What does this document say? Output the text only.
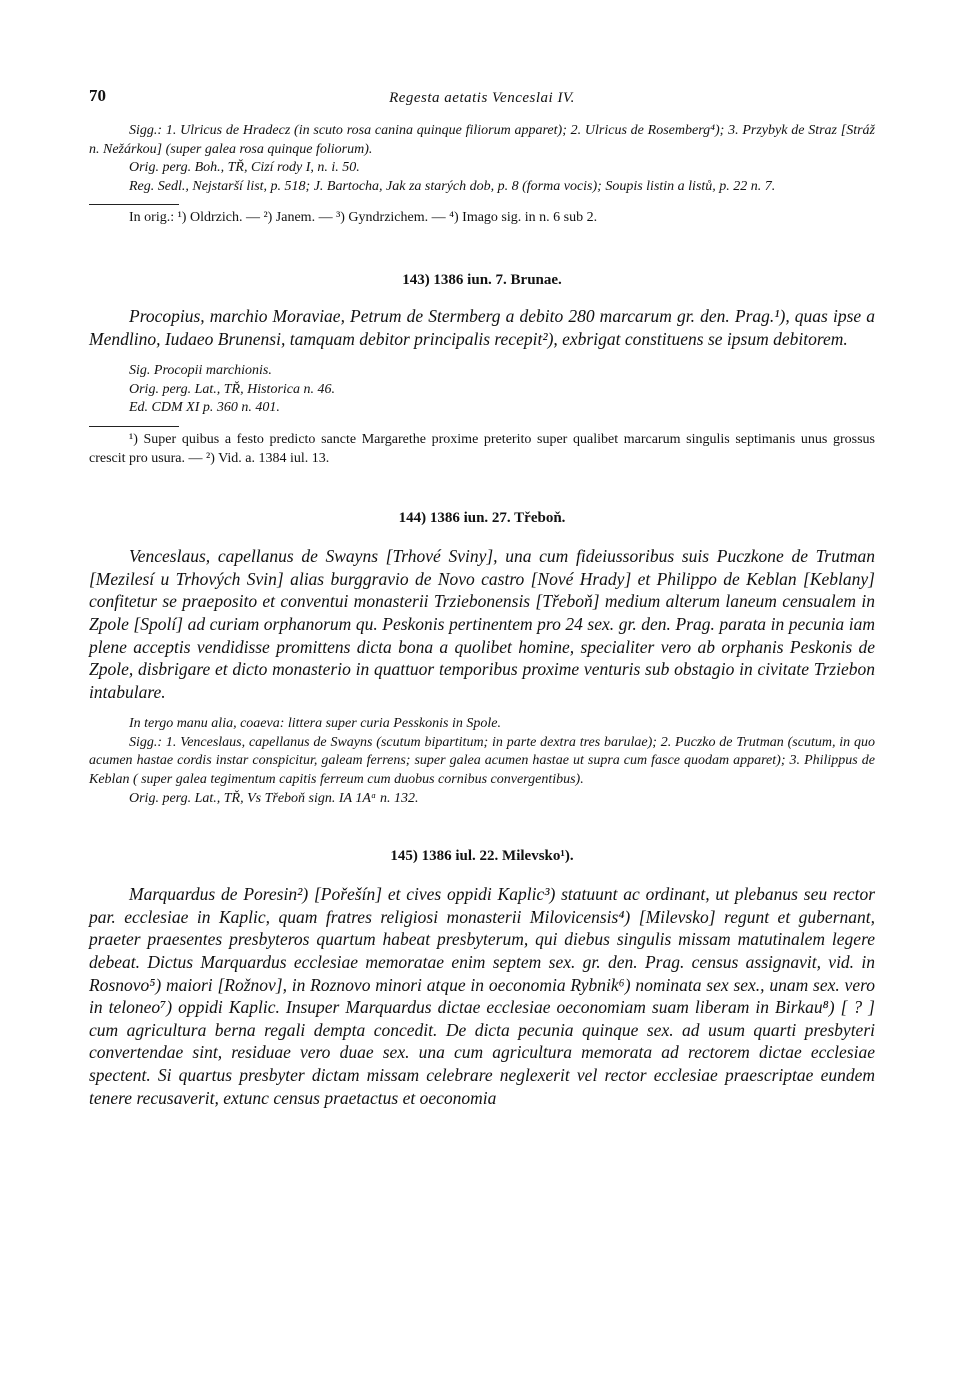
70	Regesta aetatis Venceslai IV.

Sigg.: 1. Ulricus de Hradecz (in scuto rosa canina quinque filiorum apparet); 2. Ulricus de Rosemberg⁴); 3. Przybyk de Straz [Stráž n. Nežárkou] (super galea rosa quinque foliorum).

Orig. perg. Boh., TŘ, Cizí rody I, n. i. 50.

Reg. Sedl., Nejstarší list, p. 518; J. Bartocha, Jak za starých dob, p. 8 (forma vocis); Soupis listin a listů, p. 22 n. 7.

In orig.: ¹) Oldrzich. — ²) Janem. — ³) Gyndrzichem. — ⁴) Imago sig. in n. 6 sub 2.

143) 1386 iun. 7. Brunae.

Procopius, marchio Moraviae, Petrum de Stermberg a debito 280 marcarum gr. den. Prag.¹), quas ipse a Mendlino, Iudaeo Brunensi, tamquam debitor principalis recepit²), exbrigat constituens se ipsum debitorem.

Sig. Procopii marchionis.

Orig. perg. Lat., TŘ, Historica n. 46.

Ed. CDM XI p. 360 n. 401.

¹) Super quibus a festo predicto sancte Margarethe proxime preterito super qualibet marcarum singulis septimanis unus grossus crescit pro usura. — ²) Vid. a. 1384 iul. 13.

144) 1386 iun. 27. Třeboň.

Venceslaus, capellanus de Swayns [Trhové Sviny], una cum fideiussoribus suis Puczkone de Trutman [Mezilesí u Trhových Svin] alias burggravio de Novo castro [Nové Hrady] et Philippo de Keblan [Keblany] confitetur se praeposito et conventui monasterii Trziebonensis [Třeboň] medium alterum laneum censualem in Zpole [Spolí] ad curiam orphanorum qu. Peskonis pertinentem pro 24 sex. gr. den. Prag. parata in pecunia iam plene acceptis vendidisse promittens dicta bona a quolibet homine, specialiter vero ab orphanis Peskonis de Zpole, disbrigare et dicto monasterio in quattuor temporibus proxime venturis sub obstagio in civitate Trziebon intabulare.

In tergo manu alia, coaeva: littera super curia Pesskonis in Spole.

Sigg.: 1. Venceslaus, capellanus de Swayns (scutum bipartitum; in parte dextra tres barulae); 2. Puczko de Trutman (scutum, in quo acumen hastae cordis instar conspicitur, galeam ferrens; super galea acumen hastae ut supra cum fasce quodam apparet); 3. Philippus de Keblan ( super galea tegimentum capitis ferreum cum duobus cornibus convergentibus).

Orig. perg. Lat., TŘ, Vs Třeboň sign. IA 1Aᵅ n. 132.

145) 1386 iul. 22. Milevsko¹).

Marquardus de Poresin²) [Pořešín] et cives oppidi Kaplic³) statuunt ac ordinant, ut plebanus seu rector par. ecclesiae in Kaplic, quam fratres religiosi monasterii Milovicensis⁴) [Milevsko] regunt et gubernant, praeter praesentes presbyteros quartum habeat presbyterum, qui diebus singulis missam matutinalem legere debeat. Dictus Marquardus ecclesiae memoratae enim septem sex. gr. den. Prag. census assignavit, vid. in Rosnovo⁵) maiori [Rožnov], in Roznovo minori atque in oeconomia Rybnik⁶) nominata sex sex., unam sex. vero in teloneo⁷) oppidi Kaplic. Insuper Marquardus dictae ecclesiae oeconomiam suam liberam in Birkau⁸) [ ? ] cum agricultura berna regali dempta concedit. De dicta pecunia quinque sex. ad usum quarti presbyteri convertendae sint, residuae vero duae sex. una cum agricultura memorata ad rectorem dictae ecclesiae spectent. Si quartus presbyter dictam missam celebrare neglexerit vel rector ecclesiae praescriptae eundem tenere recusaverit, extunc census praetactus et oeconomia
